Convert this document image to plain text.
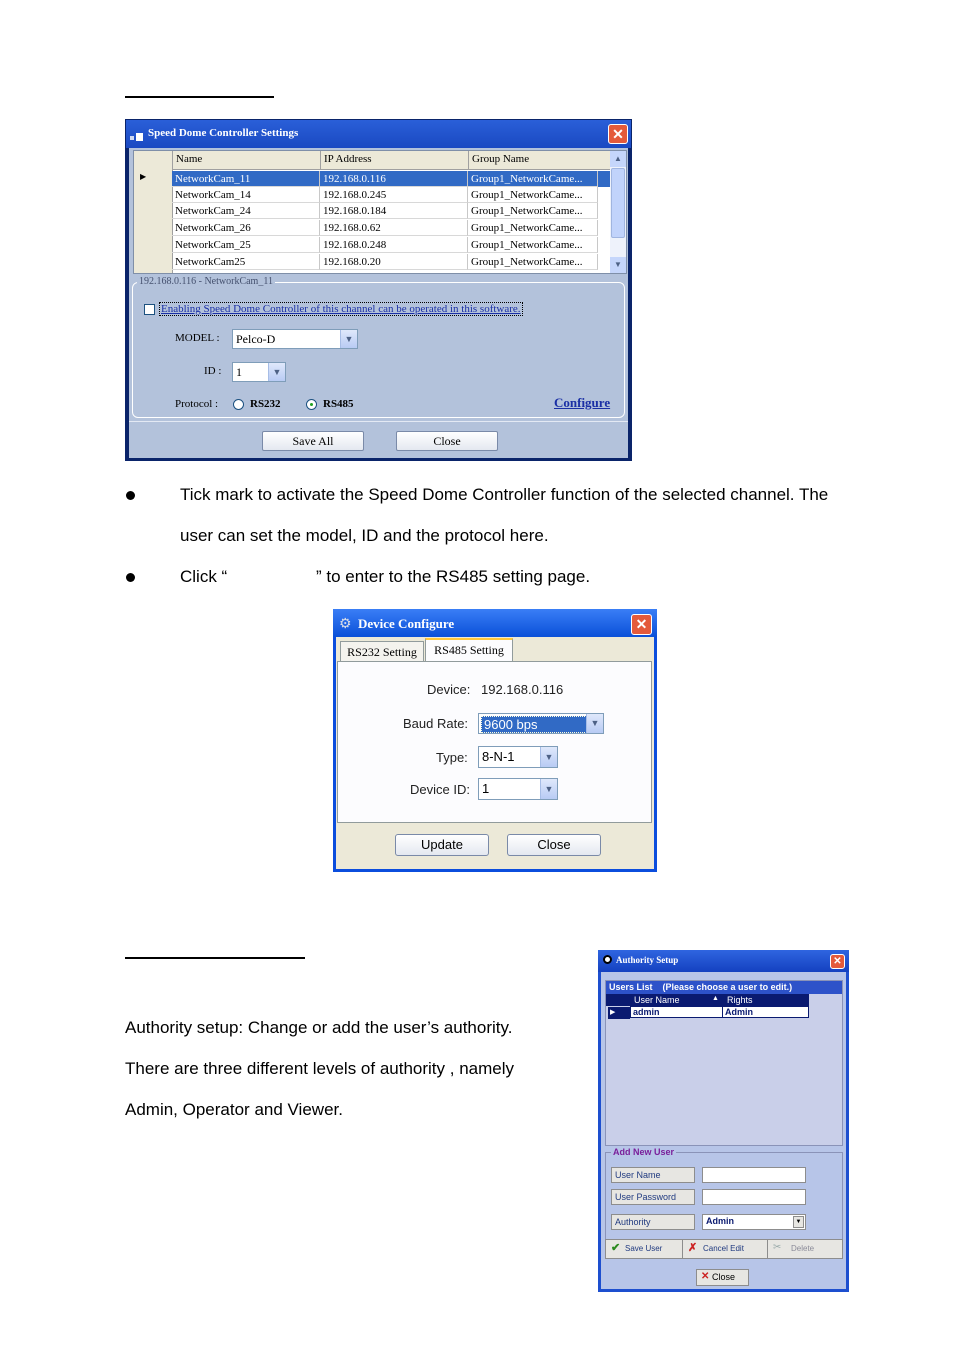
Speed Dome Controller Settings	✕
Name	IP Address	Group Name
▶	NetworkCam_11	192.168.0.116	Group1_NetworkCame...
NetworkCam_14	192.168.0.245	Group1_NetworkCame...
NetworkCam_24	192.168.0.184	Group1_NetworkCame...
NetworkCam_26	192.168.0.62	Group1_NetworkCame...
NetworkCam_25	192.168.0.248	Group1_NetworkCame...
NetworkCam25	192.168.0.20	Group1_NetworkCame...
▲
▼
192.168.0.116 - NetworkCam_11
Enabling Speed Dome Controller of this channel can be operated in this software.
MODEL :	Pelco-D	▼
ID :	1	▼
Protocol :	RS232	RS485	Configure
Save All	Close
Tick mark to activate the Speed Dome Controller function of the selected channel. The
user can set the model, ID and the protocol here.
Click “	” to enter to the RS485 setting page.
⚙ Device Configure	✕
RS232 Setting	RS485 Setting
Device: 192.168.0.116
Baud Rate: 9600 bps	▼
Type:	8-N-1	▼
Device ID: 1	▼
Update	Close
Authority setup: Change or add the user’s authority.
There are three different levels of authority , namely
Admin, Operator and Viewer.
Authority Setup	✕
Users List    (Please choose a user to edit.)
User Name	▲ Rights
▶	admin	Admin
Add New User
User Name
User Password
Authority	Admin	▼
✔ Save User ✗ Cancel Edit	✂ Delete
✕ Close
